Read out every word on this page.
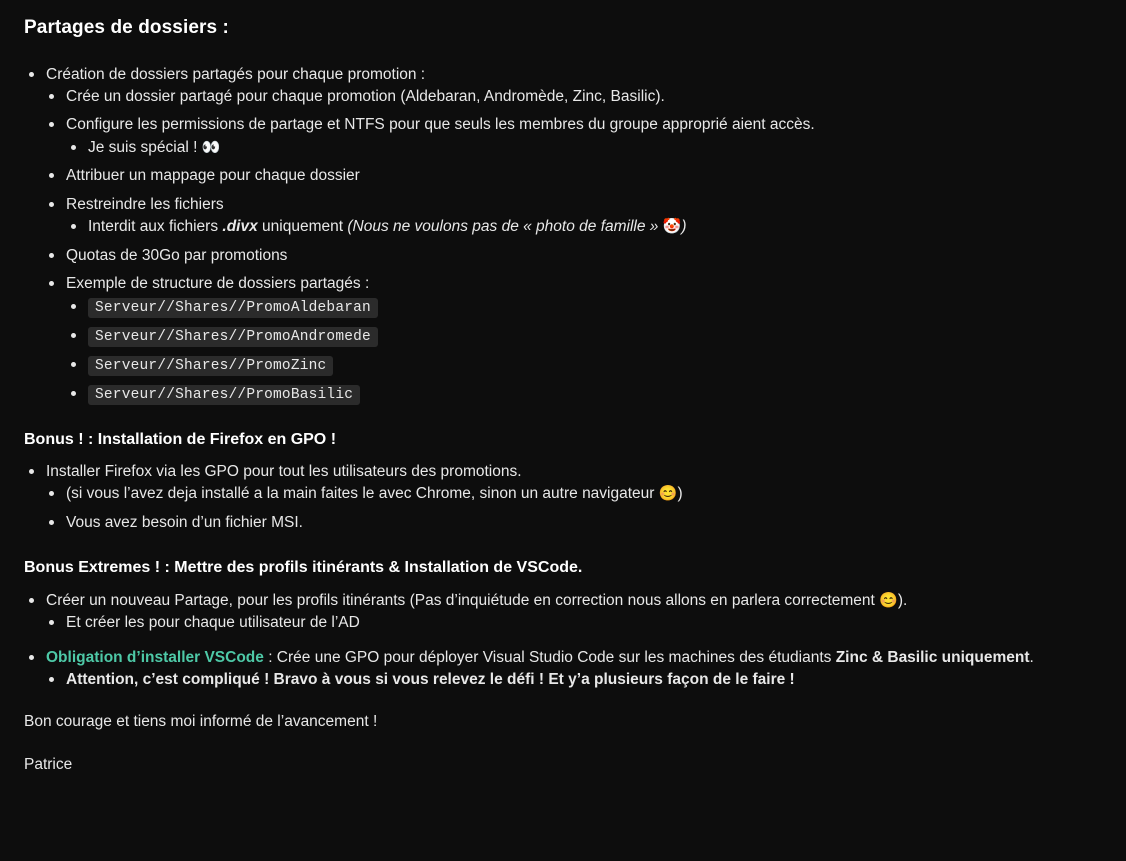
Partages de dossiers :
Création de dossiers partagés pour chaque promotion :
Crée un dossier partagé pour chaque promotion (Aldebaran, Andromède, Zinc, Basilic).
Configure les permissions de partage et NTFS pour que seuls les membres du groupe approprié aient accès.
Je suis spécial ! 👀
Attribuer un mappage pour chaque dossier
Restreindre les fichiers
Interdit aux fichiers .divx uniquement (Nous ne voulons pas de « photo de famille » 🤡)
Quotas de 30Go par promotions
Exemple de structure de dossiers partagés :
Serveur//Shares//PromoAldebaran
Serveur//Shares//PromoAndromede
Serveur//Shares//PromoZinc
Serveur//Shares//PromoBasilic
Bonus ! : Installation de Firefox en GPO !
Installer Firefox via les GPO pour tout les utilisateurs des promotions.
(si vous l’avez deja installé a la main faites le avec Chrome, sinon un autre navigateur 😊)
Vous avez besoin d’un fichier MSI.
Bonus Extremes ! : Mettre des profils itinérants & Installation de VSCode.
Créer un nouveau Partage, pour les profils itinérants (Pas d’inquiétude en correction nous allons en parlera correctement 😊).
Et créer les pour chaque utilisateur de l’AD
Obligation d’installer VSCode : Crée une GPO pour déployer Visual Studio Code sur les machines des étudiants Zinc & Basilic uniquement.
Attention, c’est compliqué ! Bravo à vous si vous relevez le défi ! Et y’a plusieurs façon de le faire !

Bon courage et tiens moi informé de l’avancement !

Patrice
